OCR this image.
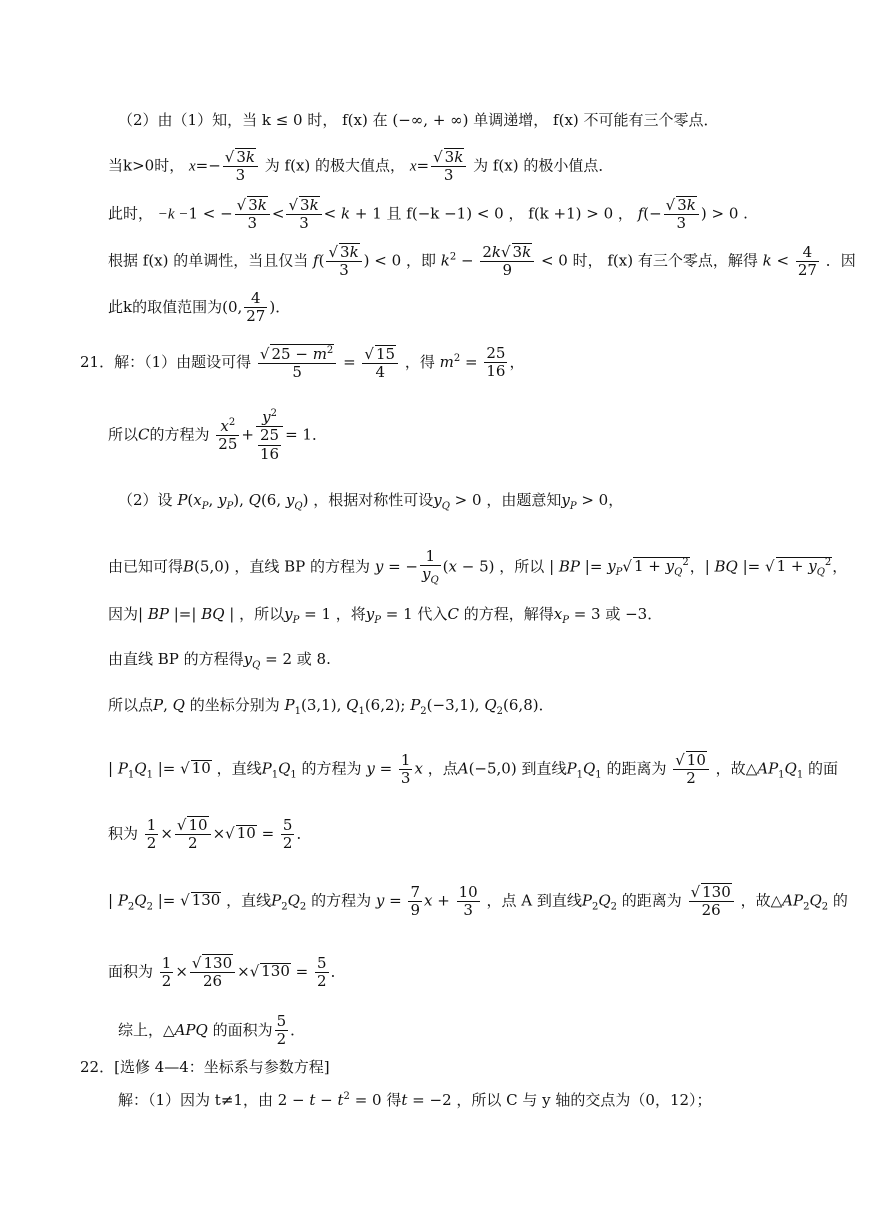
（2）由（1）知，当 k ≤ 0 时， f(x) 在 (−∞, + ∞) 单调递增， f(x) 不可能有三个零点．
当k>0时， $x=- \frac{√ 3k}{3}$ 为 f(x) 的极大值点， $x= \frac{√ 3k}{3}$ 为 f(x) 的极小值点．
此时， −k −1 < − $\frac{√ 3k}{3} < \frac{√ 3k}{3} < k + 1$ 且 f(−k −1) < 0 ， f(k +1) > 0 ， $f(- \frac{√ 3k}{3}$ ) > 0 .
根据 f(x) 的单调性，当且仅当 $f( \frac{√ 3k}{3}$ ) < 0 ，即 $k^2 - \frac{2k√ 3k}{9} < 0$ 时， f(x) 有三个零点，解得 $k < \frac{4}{27}$ ．因
此k的取值范围为(0, $\frac{4}{27}$ )．
21．解：（1）由题设可得 $\frac{√ 25 - m^2}{5} = \frac{√ 15}{4}$ ，得 $m^2 = \frac{25}{16}$ ，
所以C的方程为 $\frac{x^2}{25} + \frac{y^2}{\frac{25}{16}} = 1$．
（2）设 $P(x_P$, $y_P$), Q(6, $y_Q$) ，根据对称性可设$y_Q > 0$ ，由题意知$y_P > 0$，
由已知可得B(5,0) ，直线 BP 的方程为 y = − $\frac{1}{y_Q} (x - 5)$ ，所以 | BP |= $y_P√$ $1 + y_Q^2$，| BQ |= √ $1 + y_Q^2$，
因为| BP |=| BQ | ，所以$y_P = 1$ ，将$y_P = 1$ 代入C 的方程，解得$x_P = 3$ 或 −3．
由直线 BP 的方程得$y_Q = 2$ 或 8.
所以点P, Q 的坐标分别为 $P_1(3,1)$, $Q_1(6,2)$; $P_2(-3,1)$, $Q_2(6,8)$．
| $P_1Q_1$ |= √ 10 ，直线$P_1Q_1$ 的方程为 $y = \frac{1}{3}$ x ，点A(−5,0) 到直线$P_1Q_1$ 的距离为 $\frac{√ 10}{2}$ ，故$\triangle AP_1Q_1$ 的面
积为 $\frac{1}{2} \times \frac{√ 10}{2}$ ×√ $10 = \frac{5}{2}$ ．
| $P_2Q_2$ |= √ 130 ，直线$P_2Q_2$ 的方程为 $y = \frac{7}{9}$ $x + \frac{10}{3}$ ，点 A 到直线$P_2Q_2$ 的距离为 $\frac{√ 130}{26}$ ，故$\triangle AP_2Q_2$ 的
面积为 $\frac{1}{2} \times \frac{√ 130}{26}$ ×√ $130 = \frac{5}{2}$ ．
综上，△APQ 的面积为 $\frac{5}{2}$ ．
22．[选修 4—4：坐标系与参数方程]
解：（1）因为 t≠1，由 $2 - t - t^2 = 0$ 得t = −2 ，所以 C 与 y 轴的交点为（0，12）；
